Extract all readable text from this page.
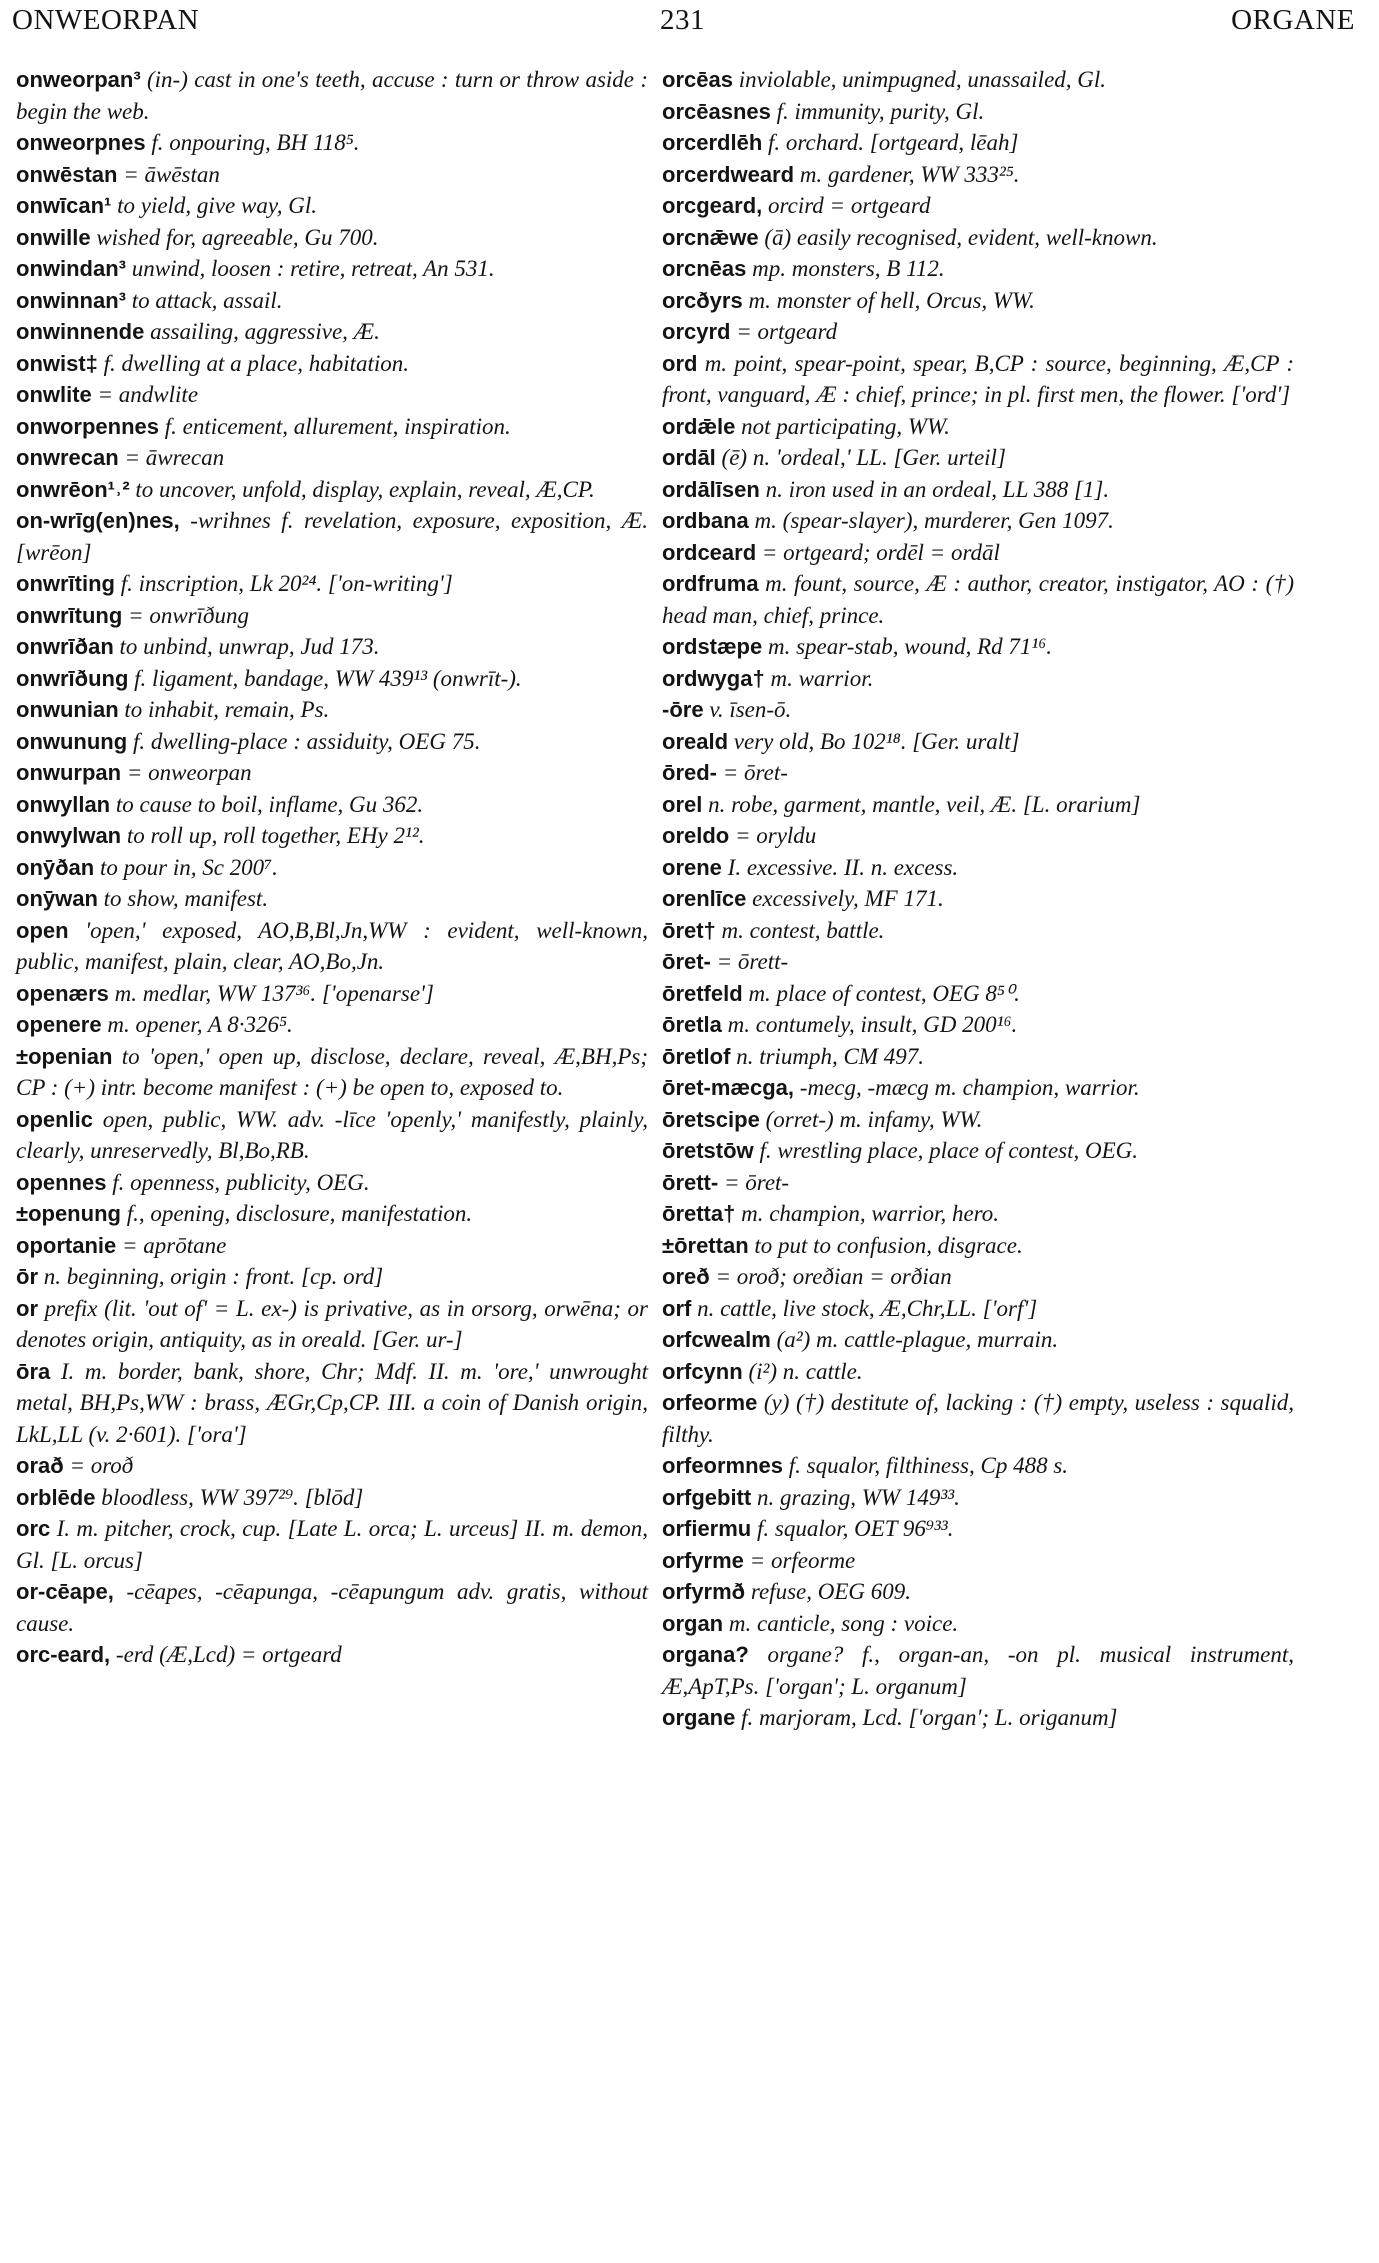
ONWEORPAN	231	ORGANE
onweorpan³ (in-) cast in one's teeth, accuse : turn or throw aside : begin the web.
onweorpnes f. onpouring, BH 118⁵.
onwēstan = āwēstan
onwīcan¹ to yield, give way, Gl.
onwille wished for, agreeable, Gu 700.
onwindan³ unwind, loosen : retire, retreat, An 531.
onwinnan³ to attack, assail.
onwinnende assailing, aggressive, Æ.
onwist‡ f. dwelling at a place, habitation.
onwlite = andwlite
onworpennes f. enticement, allurement, inspiration.
onwrecan = āwrecan
onwrēon¹˒² to uncover, unfold, display, explain, reveal, Æ,CP.
on-wrīg(en)nes, -wrihnes f. revelation, exposure, exposition, Æ. [wrēon]
onwrīting f. inscription, Lk 20²⁴. ['on-writing']
onwrītung = onwrīðung
onwrīðan to unbind, unwrap, Jud 173.
onwrīðung f. ligament, bandage, WW 439¹³ (onwrīt-).
onwunian to inhabit, remain, Ps.
onwunung f. dwelling-place : assiduity, OEG 75.
onwurpan = onweorpan
onwyllan to cause to boil, inflame, Gu 362.
onwylwan to roll up, roll together, EHy 2¹².
onӯðan to pour in, Sc 200⁷.
onӯwan to show, manifest.
open 'open,' exposed, AO,B,Bl,Jn,WW : evident, well-known, public, manifest, plain, clear, AO,Bo,Jn.
openærs m. medlar, WW 137³⁶. ['openarse']
openere m. opener, A 8·326⁵.
±openian to 'open,' open up, disclose, declare, reveal, Æ,BH,Ps; CP : (+) intr. become manifest : (+) be open to, exposed to.
openlic open, public, WW. adv. -līce 'openly,' manifestly, plainly, clearly, unreservedly, Bl,Bo,RB.
opennes f. openness, publicity, OEG.
±openung f., opening, disclosure, manifestation.
oportanie = aprōtane
ōr n. beginning, origin : front. [cp. ord]
or prefix (lit. 'out of' = L. ex-) is privative, as in orsorg, orwēna; or denotes origin, antiquity, as in oreald. [Ger. ur-]
ōra I. m. border, bank, shore, Chr; Mdf. II. m. 'ore,' unwrought metal, BH,Ps,WW : brass, ÆGr,Cp,CP. III. a coin of Danish origin, LkL,LL (v. 2·601). ['ora']
orað = oroð
orblēde bloodless, WW 397²⁹. [blōd]
orc I. m. pitcher, crock, cup. [Late L. orca; L. urceus] II. m. demon, Gl. [L. orcus]
or-cēape, -cēapes, -cēapunga, -cēapungum adv. gratis, without cause.
orc-eard, -erd (Æ,Lcd) = ortgeard
orcēas inviolable, unimpugned, unassailed, Gl.
orcēasnes f. immunity, purity, Gl.
orcerdlēh f. orchard. [ortgeard, lēah]
orcerdweard m. gardener, WW 333²⁵.
orcgeard, orcird = ortgeard
orcnǣwe (ā) easily recognised, evident, well-known.
orcnēas mp. monsters, B 112.
orcðyrs m. monster of hell, Orcus, WW.
orcyrd = ortgeard
ord m. point, spear-point, spear, B,CP : source, beginning, Æ,CP : front, vanguard, Æ : chief, prince; in pl. first men, the flower. ['ord']
ordǣle not participating, WW.
ordāl (ē) n. 'ordeal,' LL. [Ger. urteil]
ordālīsen n. iron used in an ordeal, LL 388 [1].
ordbana m. (spear-slayer), murderer, Gen 1097.
ordceard = ortgeard; ordēl = ordāl
ordfruma m. fount, source, Æ : author, creator, instigator, AO : (†) head man, chief, prince.
ordstæpe m. spear-stab, wound, Rd 71¹⁶.
ordwyga† m. warrior.
-ōre v. īsen-ō.
oreald very old, Bo 102¹⁸. [Ger. uralt]
ōred- = ōret-
orel n. robe, garment, mantle, veil, Æ. [L. orarium]
oreldo = oryldu
orene I. excessive. II. n. excess.
orenlīce excessively, MF 171.
ōret† m. contest, battle.
ōret- = ōrett-
ōretfeld m. place of contest, OEG 8⁵⁰.
ōretla m. contumely, insult, GD 200¹⁶.
ōretlof n. triumph, CM 497.
ōret-mæcga, -mecg, -mæcg m. champion, warrior.
ōretscipe (orret-) m. infamy, WW.
ōretstōw f. wrestling place, place of contest, OEG.
ōrett- = ōret-
ōretta† m. champion, warrior, hero.
±ōrettan to put to confusion, disgrace.
oreð = oroð; oreðian = orðian
orf n. cattle, live stock, Æ,Chr,LL. ['orf']
orfcwealm (a²) m. cattle-plague, murrain.
orfcynn (i²) n. cattle.
orfeorme (y) (†) destitute of, lacking : (†) empty, useless : squalid, filthy.
orfeormnes f. squalor, filthiness, Cp 488 s.
orfgebitt n. grazing, WW 149³³.
orfiermu f. squalor, OET 96⁹³³.
orfyrme = orfeorme
orfyrmð refuse, OEG 609.
organ m. canticle, song : voice.
organa? organe? f., organ-an, -on pl. musical instrument, Æ,ApT,Ps. ['organ'; L. organum]
organe f. marjoram, Lcd. ['organ'; L. origanum]
